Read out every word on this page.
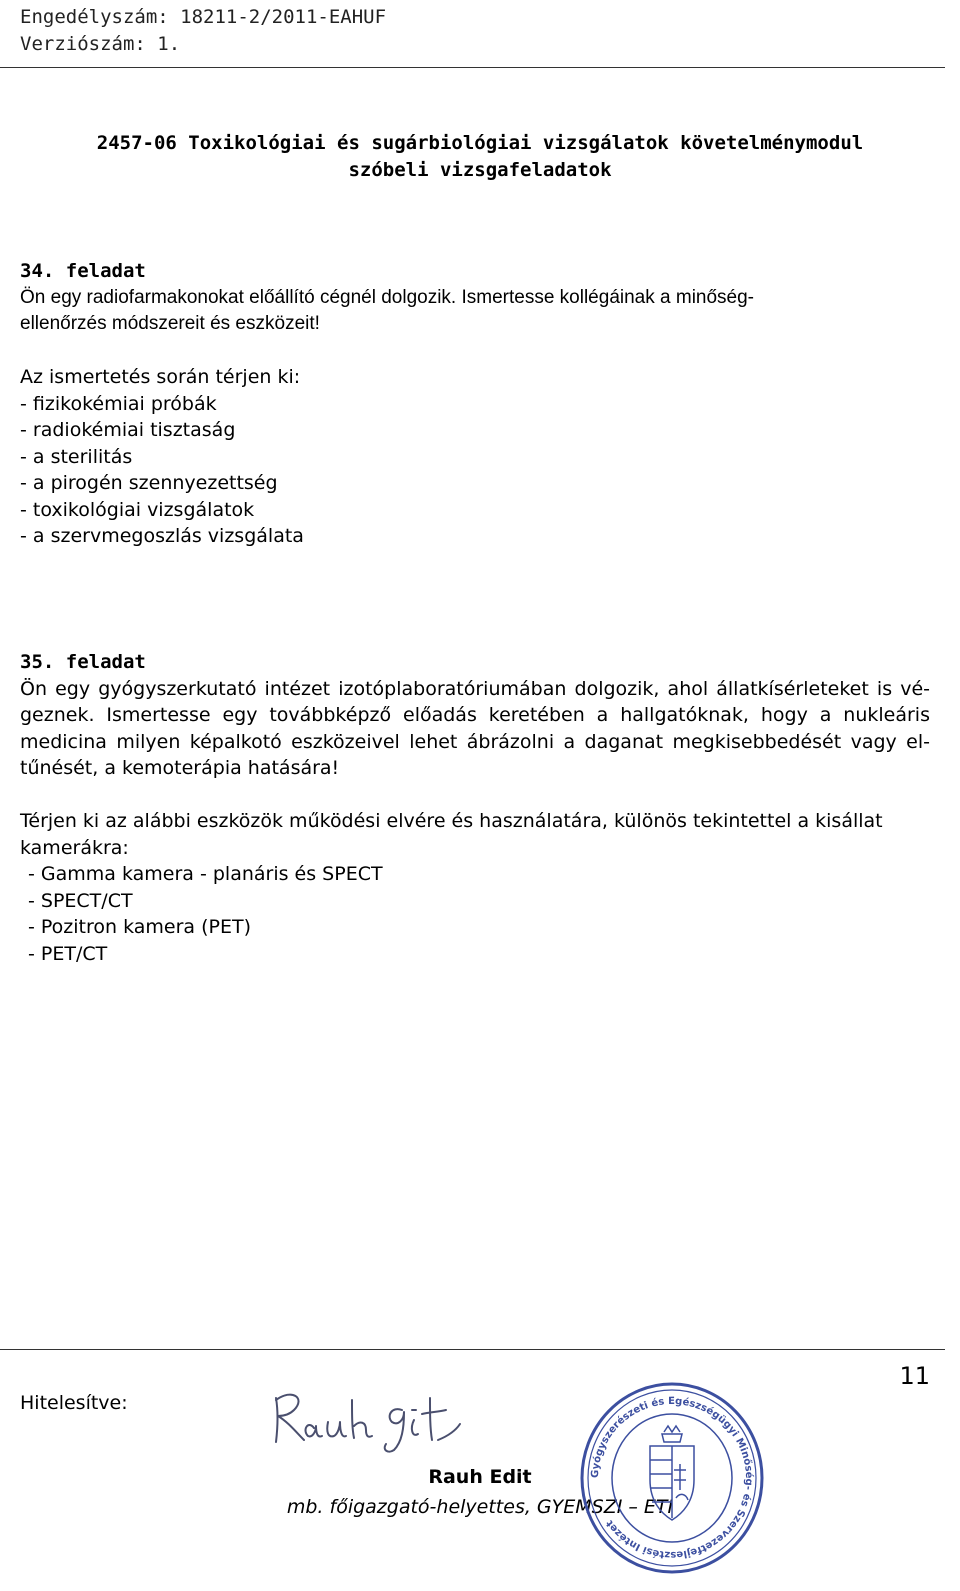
Engedélyszám: 18211-2/2011-EAHUF
Verziószám: 1.
2457-06 Toxikológiai és sugárbiológiai vizsgálatok követelménymodul
szóbeli vizsgafeladatok
34. feladat
Ön egy radiofarmakonokat előállító cégnél dolgozik. Ismertesse kollégáinak a minőség-
ellenőrzés módszereit és eszközeit!
Az ismertetés során térjen ki:
- fizikokémiai próbák
- radiokémiai tisztaság
- a sterilitás
- a pirogén szennyezettség
- toxikológiai vizsgálatok
- a szervmegoszlás vizsgálata
35. feladat
Ön egy gyógyszerkutató intézet izotóplaboratóriumában dolgozik, ahol állatkísérleteket is vé-
geznek. Ismertesse egy továbbképző előadás keretében a hallgatóknak, hogy a nukleáris
medicina milyen képalkotó eszközeivel lehet ábrázolni a daganat megkisebbedését vagy el-
tűnését, a kemoterápia hatására!
Térjen ki az alábbi eszközök működési elvére és használatára, különös tekintettel a kisállat
kamerákra:
- Gamma kamera - planáris és SPECT
- SPECT/CT
- Pozitron kamera (PET)
- PET/CT
11
Hitelesítve:
Rauh Edit
mb. főigazgató-helyettes, GYEMSZI – ETI
Gyógyszerészeti és Egészségügyi Minőség- és Szervezetfejlesztési Intézet
